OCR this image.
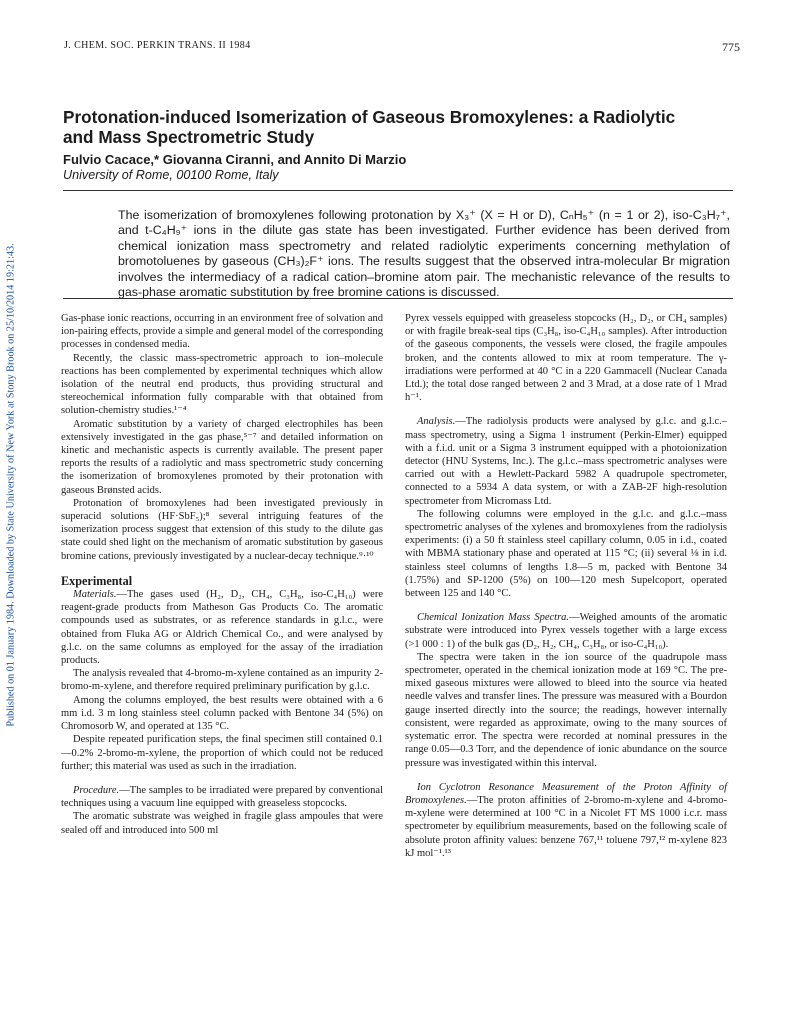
Published on 01 January 1984. Downloaded by State University of New York at Stony Brook on 25/10/2014 19:21:43.
J. CHEM. SOC. PERKIN TRANS. II 1984	775
Protonation-induced Isomerization of Gaseous Bromoxylenes: a Radiolytic and Mass Spectrometric Study
Fulvio Cacace,* Giovanna Ciranni, and Annito Di Marzio
University of Rome, 00100 Rome, Italy

The isomerization of bromoxylenes following protonation by X₃⁺ (X = H or D), CₙH₅⁺ (n = 1 or 2), iso-C₃H₇⁺, and t-C₄H₉⁺ ions in the dilute gas state has been investigated. Further evidence has been derived from chemical ionization mass spectrometry and related radiolytic experiments concerning methylation of bromotoluenes by gaseous (CH₃)₂F⁺ ions. The results suggest that the observed intra-molecular Br migration involves the intermediacy of a radical cation–bromine atom pair. The mechanistic relevance of the results to gas-phase aromatic substitution by free bromine cations is discussed.

Gas-phase ionic reactions, occurring in an environment free of solvation and ion-pairing effects, provide a simple and general model of the corresponding processes in condensed media.

Recently, the classic mass-spectrometric approach to ion–molecule reactions has been complemented by experimental techniques which allow isolation of the neutral end products, thus providing structural and stereochemical information fully comparable with that obtained from solution-chemistry studies.¹⁻⁴

Aromatic substitution by a variety of charged electrophiles has been extensively investigated in the gas phase,⁵⁻⁷ and detailed information on kinetic and mechanistic aspects is currently available. The present paper reports the results of a radiolytic and mass spectrometric study concerning the isomerization of bromoxylenes promoted by their protonation with gaseous Brønsted acids.

Protonation of bromoxylenes had been investigated previously in superacid solutions (HF·SbF₅);⁸ several intriguing features of the isomerization process suggest that extension of this study to the dilute gas state could shed light on the mechanism of aromatic substitution by gaseous bromine cations, previously investigated by a nuclear-decay technique.⁹·¹⁰

Experimental

Materials.—The gases used (H₂, D₂, CH₄, C₃H₈, iso-C₄H₁₀) were reagent-grade products from Matheson Gas Products Co. The aromatic compounds used as substrates, or as reference standards in g.l.c., were obtained from Fluka AG or Aldrich Chemical Co., and were analysed by g.l.c. on the same columns as employed for the assay of the irradiation products.

The analysis revealed that 4-bromo-m-xylene contained as an impurity 2-bromo-m-xylene, and therefore required preliminary purification by g.l.c.

Among the columns employed, the best results were obtained with a 6 mm i.d. 3 m long stainless steel column packed with Bentone 34 (5%) on Chromosorb W, and operated at 135 °C.

Despite repeated purification steps, the final specimen still contained 0.1—0.2% 2-bromo-m-xylene, the proportion of which could not be reduced further; this material was used as such in the irradiation.

Procedure.—The samples to be irradiated were prepared by conventional techniques using a vacuum line equipped with greaseless stopcocks.

The aromatic substrate was weighed in fragile glass ampoules that were sealed off and introduced into 500 ml

Pyrex vessels equipped with greaseless stopcocks (H₂, D₂, or CH₄ samples) or with fragile break-seal tips (C₃H₈, iso-C₄H₁₀ samples). After introduction of the gaseous components, the vessels were closed, the fragile ampoules broken, and the contents allowed to mix at room temperature. The γ-irradiations were performed at 40 °C in a 220 Gammacell (Nuclear Canada Ltd.); the total dose ranged between 2 and 3 Mrad, at a dose rate of 1 Mrad h⁻¹.

Analysis.—The radiolysis products were analysed by g.l.c. and g.l.c.–mass spectrometry, using a Sigma 1 instrument (Perkin-Elmer) equipped with a f.i.d. unit or a Sigma 3 instrument equipped with a photoionization detector (HNU Systems, Inc.). The g.l.c.–mass spectrometric analyses were carried out with a Hewlett-Packard 5982 A quadrupole spectrometer, connected to a 5934 A data system, or with a ZAB-2F high-resolution spectrometer from Micromass Ltd.

The following columns were employed in the g.l.c. and g.l.c.–mass spectrometric analyses of the xylenes and bromoxylenes from the radiolysis experiments: (i) a 50 ft stainless steel capillary column, 0.05 in i.d., coated with MBMA stationary phase and operated at 115 °C; (ii) several ⅛ in i.d. stainless steel columns of lengths 1.8—5 m, packed with Bentone 34 (1.75%) and SP-1200 (5%) on 100—120 mesh Supelcoport, operated between 125 and 140 °C.

Chemical Ionization Mass Spectra.—Weighed amounts of the aromatic substrate were introduced into Pyrex vessels together with a large excess (>1 000 : 1) of the bulk gas (D₂, H₂, CH₄, C₃H₈, or iso-C₄H₁₀).

The spectra were taken in the ion source of the quadrupole mass spectrometer, operated in the chemical ionization mode at 169 °C. The pre-mixed gaseous mixtures were allowed to bleed into the source via heated needle valves and transfer lines. The pressure was measured with a Bourdon gauge inserted directly into the source; the readings, however internally consistent, were regarded as approximate, owing to the many sources of systematic error. The spectra were recorded at nominal pressures in the range 0.05—0.3 Torr, and the dependence of ionic abundance on the source pressure was investigated within this interval.

Ion Cyclotron Resonance Measurement of the Proton Affinity of Bromoxylenes.—The proton affinities of 2-bromo-m-xylene and 4-bromo-m-xylene were determined at 100 °C in a Nicolet FT MS 1000 i.c.r. mass spectrometer by equilibrium measurements, based on the following scale of absolute proton affinity values: benzene 767,¹¹ toluene 797,¹² m-xylene 823 kJ mol⁻¹.¹³
